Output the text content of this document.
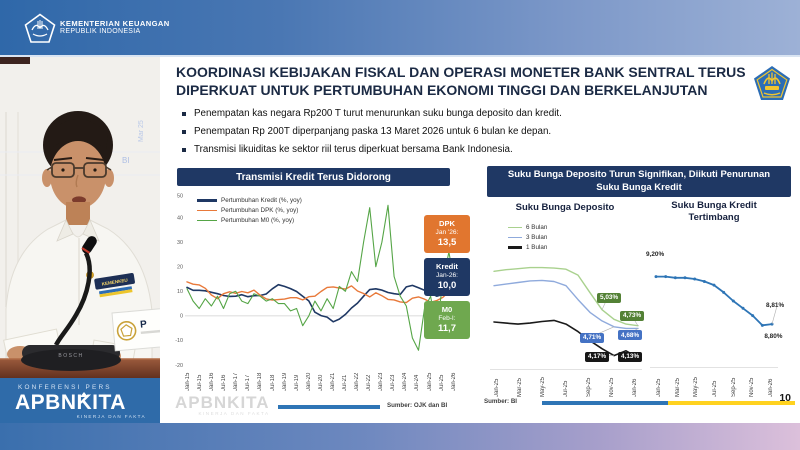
KEMENTERIAN KEUANGAN
REPUBLIK INDONESIA
Mar 25
BI
KEMENKEU
BOSCH
P
KONFERENSI PERS
APBNKITA
KINERJA DAN FAKTA
KOORDINASI KEBIJAKAN FISKAL DAN OPERASI MONETER BANK SENTRAL TERUS
DIPERKUAT UNTUK PERTUMBUHAN EKONOMI TINGGI DAN BERKELANJUTAN
Penempatan kas negara Rp200 T turut menurunkan suku bunga deposito dan kredit.
Penempatan Rp 200T diperpanjang paska 13 Maret 2026 untuk 6 bulan ke depan.
Transmisi likuiditas ke sektor riil terus diperkuat bersama Bank Indonesia.
Transmisi Kredit Terus Didorong
Pertumbuhan Kredit (%, yoy)
Pertumbuhan DPK (%, yoy)
Pertumbuhan M0 (%, yoy)
50
40
30
20
10
0
-10
-20
DPK
Jan '26:
13,5
Kredit
Jan-26:
10,0
M0
Feb-I:
11,7
Jan-15 Jul-15 Jan-16 Jul-16 Jan-17 Jul-17 Jan-18 Jul-18 Jan-19 Jul-19 Jan-20 Jul-20 Jan-21 Jul-21 Jan-22 Jul-22 Jan-23 Jul-23 Jan-24 Jul-24 Jan-25 Jul-25 Jan-26
APBNKITA
KINERJA DAN FAKTA
Sumber: OJK dan BI
Suku Bunga Deposito Turun Signifikan, Diikuti Penurunan Suku Bunga Kredit
Suku Bunga Deposito	Suku Bunga Kredit Tertimbang
6 Bulan
3 Bulan
1 Bulan
5,03%
4,73%
4,71%	4,68%
4,17%	4,13%
9,20%
8,81%
8,80%
Jan-25	Mar-25	May-25	Jul-25	Sep-25	Nov-25	Jan-26	Jan-25 Mar-25 May-25 Jul-25 Sep-25 Nov-25 Jan-26
Sumber: BI	10
